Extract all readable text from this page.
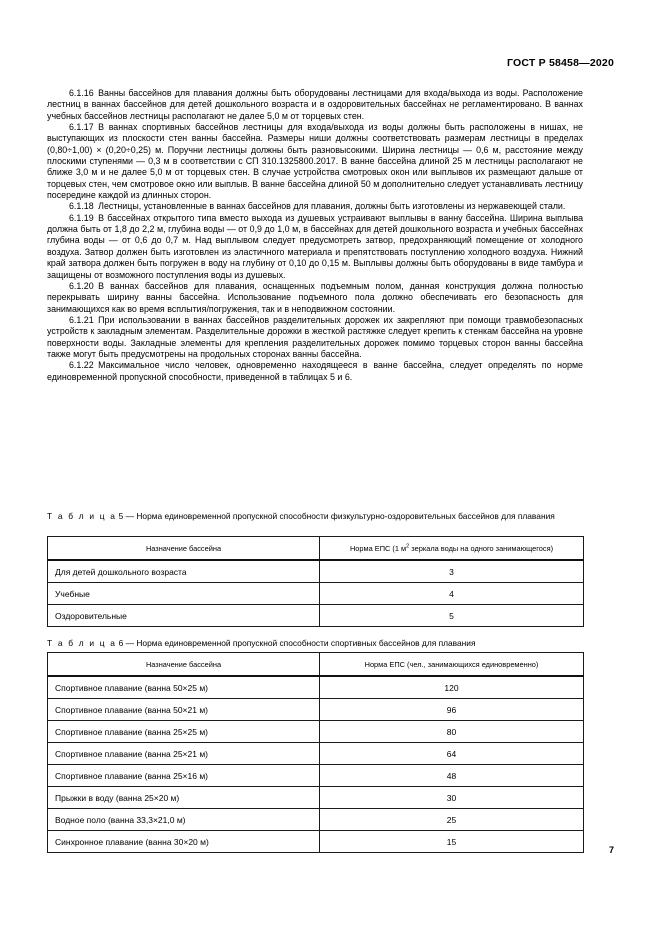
ГОСТ Р 58458—2020

6.1.16 Ванны бассейнов для плавания должны быть оборудованы лестницами для входа/выхода из воды. Расположение лестниц в ваннах бассейнов для детей дошкольного возраста и в оздоровительных бассейнах не регламентировано. В ваннах учебных бассейнов лестницы располагают не далее 5,0 м от торцевых стен.

6.1.17 В ваннах спортивных бассейнов лестницы для входа/выхода из воды должны быть расположены в нишах, не выступающих из плоскости стен ванны бассейна. Размеры ниши должны соответствовать размерам лестницы в пределах (0,80÷1,00) × (0,20÷0,25) м. Поручни лестницы должны быть разновысокими. Ширина лестницы — 0,6 м, расстояние между плоскими ступенями — 0,3 м в соответствии с СП 310.1325800.2017. В ванне бассейна длиной 25 м лестницы располагают не ближе 3,0 м и не далее 5,0 м от торцевых стен. В случае устройства смотровых окон или выплывов их размещают дальше от торцевых стен, чем смотровое окно или выплыв. В ванне бассейна длиной 50 м дополнительно следует устанавливать лестницу посередине каждой из длинных сторон.

6.1.18 Лестницы, установленные в ваннах бассейнов для плавания, должны быть изготовлены из нержавеющей стали.

6.1.19 В бассейнах открытого типа вместо выхода из душевых устраивают выплывы в ванну бассейна. Ширина выплыва должна быть от 1,8 до 2,2 м, глубина воды — от 0,9 до 1,0 м, в бассейнах для детей дошкольного возраста и учебных бассейнах глубина воды — от 0,6 до 0,7 м. Над выплывом следует предусмотреть затвор, предохраняющий помещение от холодного воздуха. Затвор должен быть изготовлен из эластичного материала и препятствовать поступлению холодного воздуха. Нижний край затвора должен быть погружен в воду на глубину от 0,10 до 0,15 м. Выплывы должны быть оборудованы в виде тамбура и защищены от возможного поступления воды из душевых.

6.1.20 В ваннах бассейнов для плавания, оснащенных подъемным полом, данная конструкция должна полностью перекрывать ширину ванны бассейна. Использование подъемного пола должно обеспечивать его безопасность для занимающихся как во время всплытия/погружения, так и в неподвижном состоянии.

6.1.21 При использовании в ваннах бассейнов разделительных дорожек их закрепляют при помощи травмобезопасных устройств к закладным элементам. Разделительные дорожки в жесткой растяжке следует крепить к стенкам бассейна на уровне поверхности воды. Закладные элементы для крепления разделительных дорожек помимо торцевых сторон ванны бассейна также могут быть предусмотрены на продольных сторонах ванны бассейна.

6.1.22 Максимальное число человек, одновременно находящееся в ванне бассейна, следует определять по норме единовременной пропускной способности, приведенной в таблицах 5 и 6.

Т а б л и ц а 5 — Норма единовременной пропускной способности физкультурно-оздоровительных бассейнов для плавания

Назначение бассейна	Норма ЕПС (1 $м^2$ зеркала воды на одного занимающегося)
Для детей дошкольного возраста	3
Учебные	4
Оздоровительные	5

Т а б л и ц а 6 — Норма единовременной пропускной способности спортивных бассейнов для плавания

Назначение бассейна	Норма ЕПС (чел., занимающихся единовременно)
Спортивное плавание (ванна 50×25 м)	120
Спортивное плавание (ванна 50×21 м)	96
Спортивное плавание (ванна 25×25 м)	80
Спортивное плавание (ванна 25×21 м)	64
Спортивное плавание (ванна 25×16 м)	48
Прыжки в воду (ванна 25×20 м)	30
Водное поло (ванна 33,3×21,0 м)	25
Синхронное плавание (ванна 30×20 м)	15
7
